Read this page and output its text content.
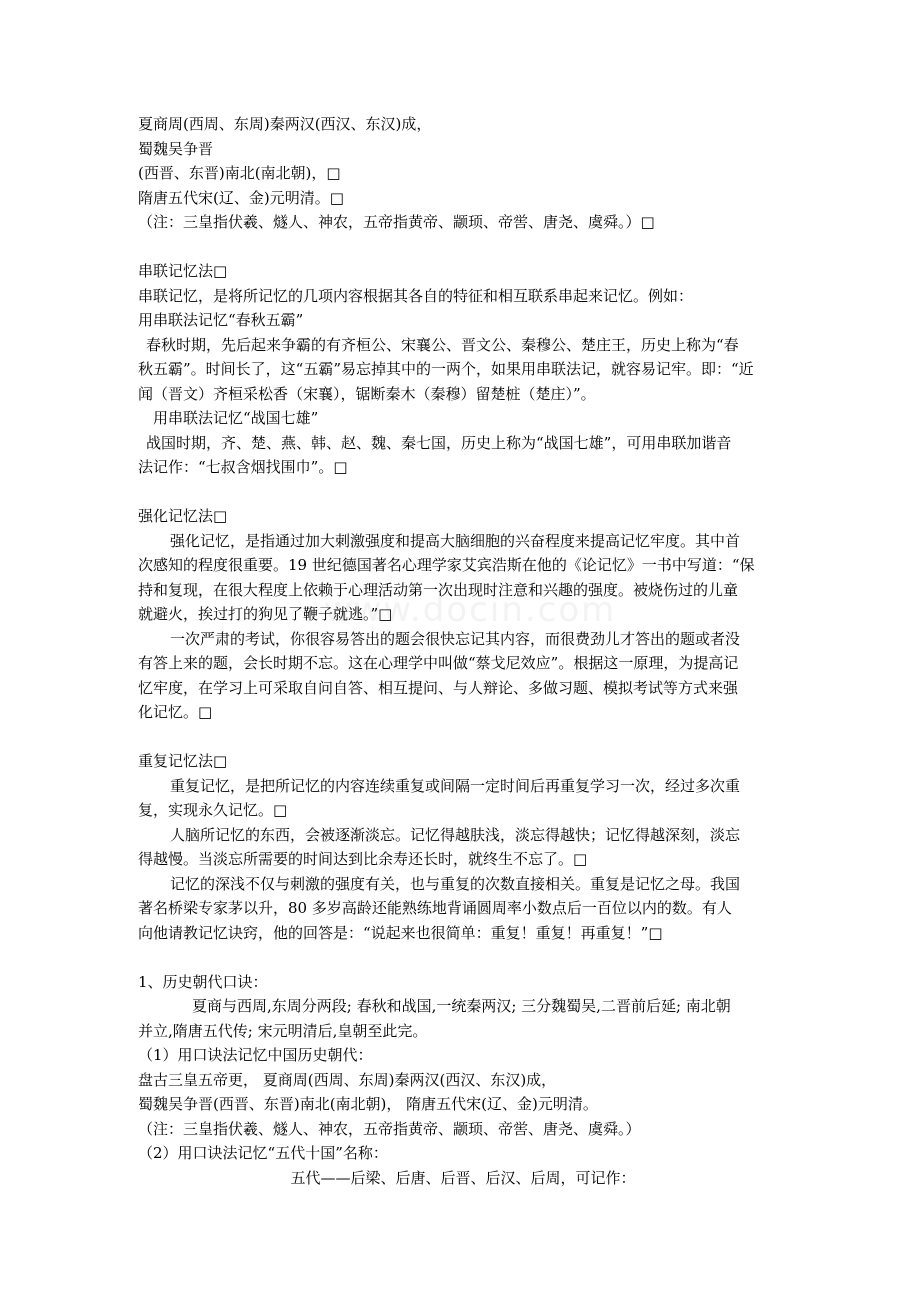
www.docin.com
夏商周(西周、东周)秦两汉(西汉、东汉)成，
蜀魏吴争晋
(西晋、东晋)南北(南北朝)，□
隋唐五代宋(辽、金)元明清。□
（注：三皇指伏羲、燧人、神农，五帝指黄帝、颛顼、帝喾、唐尧、虞舜。）□
串联记忆法□
串联记忆，是将所记忆的几项内容根据其各自的特征和相互联系串起来记忆。例如：
用串联法记忆“春秋五霸”
春秋时期，先后起来争霸的有齐桓公、宋襄公、晋文公、秦穆公、楚庄王，历史上称为“春
秋五霸”。时间长了，这“五霸”易忘掉其中的一两个，如果用串联法记，就容易记牢。即：“近
闻（晋文）齐桓采松香（宋襄），锯断秦木（秦穆）留楚桩（楚庄）”。
用串联法记忆“战国七雄”
战国时期，齐、楚、燕、韩、赵、魏、秦七国，历史上称为“战国七雄”，可用串联加谐音
法记作：“七叔含烟找围巾”。□
强化记忆法□
强化记忆，是指通过加大刺激强度和提高大脑细胞的兴奋程度来提高记忆牢度。其中首
次感知的程度很重要。19 世纪德国著名心理学家艾宾浩斯在他的《论记忆》一书中写道：“保
持和复现，在很大程度上依赖于心理活动第一次出现时注意和兴趣的强度。被烧伤过的儿童
就避火，挨过打的狗见了鞭子就逃。”□
一次严肃的考试，你很容易答出的题会很快忘记其内容，而很费劲儿才答出的题或者没
有答上来的题，会长时期不忘。这在心理学中叫做“蔡戈尼效应”。根据这一原理，为提高记
忆牢度，在学习上可采取自问自答、相互提问、与人辩论、多做习题、模拟考试等方式来强
化记忆。□
重复记忆法□
重复记忆，是把所记忆的内容连续重复或间隔一定时间后再重复学习一次，经过多次重
复，实现永久记忆。□
人脑所记忆的东西，会被逐渐淡忘。记忆得越肤浅，淡忘得越快；记忆得越深刻，淡忘
得越慢。当淡忘所需要的时间达到比余寿还长时，就终生不忘了。□
记忆的深浅不仅与刺激的强度有关，也与重复的次数直接相关。重复是记忆之母。我国
著名桥梁专家茅以升，80 多岁高龄还能熟练地背诵圆周率小数点后一百位以内的数。有人
向他请教记忆诀窍，他的回答是：“说起来也很简单：重复！重复！再重复！”□
1、历史朝代口诀：
夏商与西周,东周分两段; 春秋和战国,一统秦两汉; 三分魏蜀吴,二晋前后延; 南北朝
并立,隋唐五代传; 宋元明清后,皇朝至此完。
（1）用口诀法记忆中国历史朝代：
盘古三皇五帝更， 夏商周(西周、东周)秦两汉(西汉、东汉)成，
蜀魏吴争晋(西晋、东晋)南北(南北朝)， 隋唐五代宋(辽、金)元明清。
（注：三皇指伏羲、燧人、神农，五帝指黄帝、颛顼、帝喾、唐尧、虞舜。）
（2）用口诀法记忆“五代十国”名称：
五代——后梁、后唐、后晋、后汉、后周，可记作：
